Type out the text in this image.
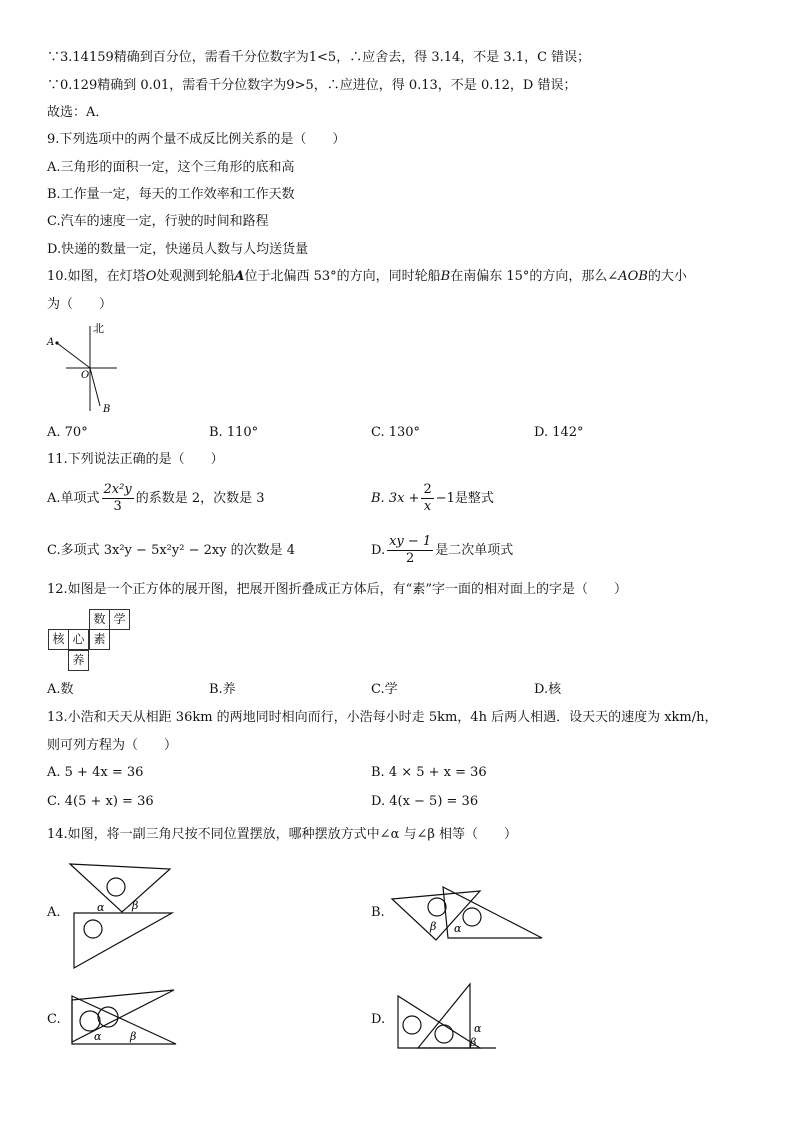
∵3.14159精确到百分位，需看千分位数字为1<5，∴应舍去，得 3.14，不是 3.1，C 错误；
∵0.129精确到 0.01，需看千分位数字为9>5，∴应进位，得 0.13，不是 0.12，D 错误；
故选：A．
9.下列选项中的两个量不成反比例关系的是（　　）
A.三角形的面积一定，这个三角形的底和高
B.工作量一定，每天的工作效率和工作天数
C.汽车的速度一定，行驶的时间和路程
D.快递的数量一定，快递员人数与人均送货量
10.如图，在灯塔O处观测到轮船A位于北偏西 53°的方向，同时轮船B在南偏东 15°的方向，那么∠AOB的大小
为（　　）
北
A
O
B
A. 70°	B. 110°	C. 130°	D. 142°
11.下列说法正确的是（　　）
A.单项式 $\frac{\text{2x²y}}{3}$ 的系数是 2，次数是 3	B. $3x + \frac{2}{x} -1$是整式
C.多项式 3x²y − 5x²y² − 2xy 的次数是 4	D. $\frac{xy - 1}{2}$ 是二次单项式
12.如图是一个正方体的展开图，把展开图折叠成正方体后，有“素”字一面的相对面上的字是（　　）
数 学
核 心 素
养
A.数	B.养	C.学	D.核
13.小浩和天天从相距 36km 的两地同时相向而行，小浩每小时走 5km，4h 后两人相遇．设天天的速度为 xkm/h，
则可列方程为（　　）
A. 5 + 4x = 36	B. 4 × 5 + x = 36
C. 4(5 + x) = 36	D. 4(x − 5) = 36
14.如图，将一副三角尺按不同位置摆放，哪种摆放方式中∠α 与∠β 相等（　　）
A.	α	β	B.
β α
C.
α	β
D.
α
β
